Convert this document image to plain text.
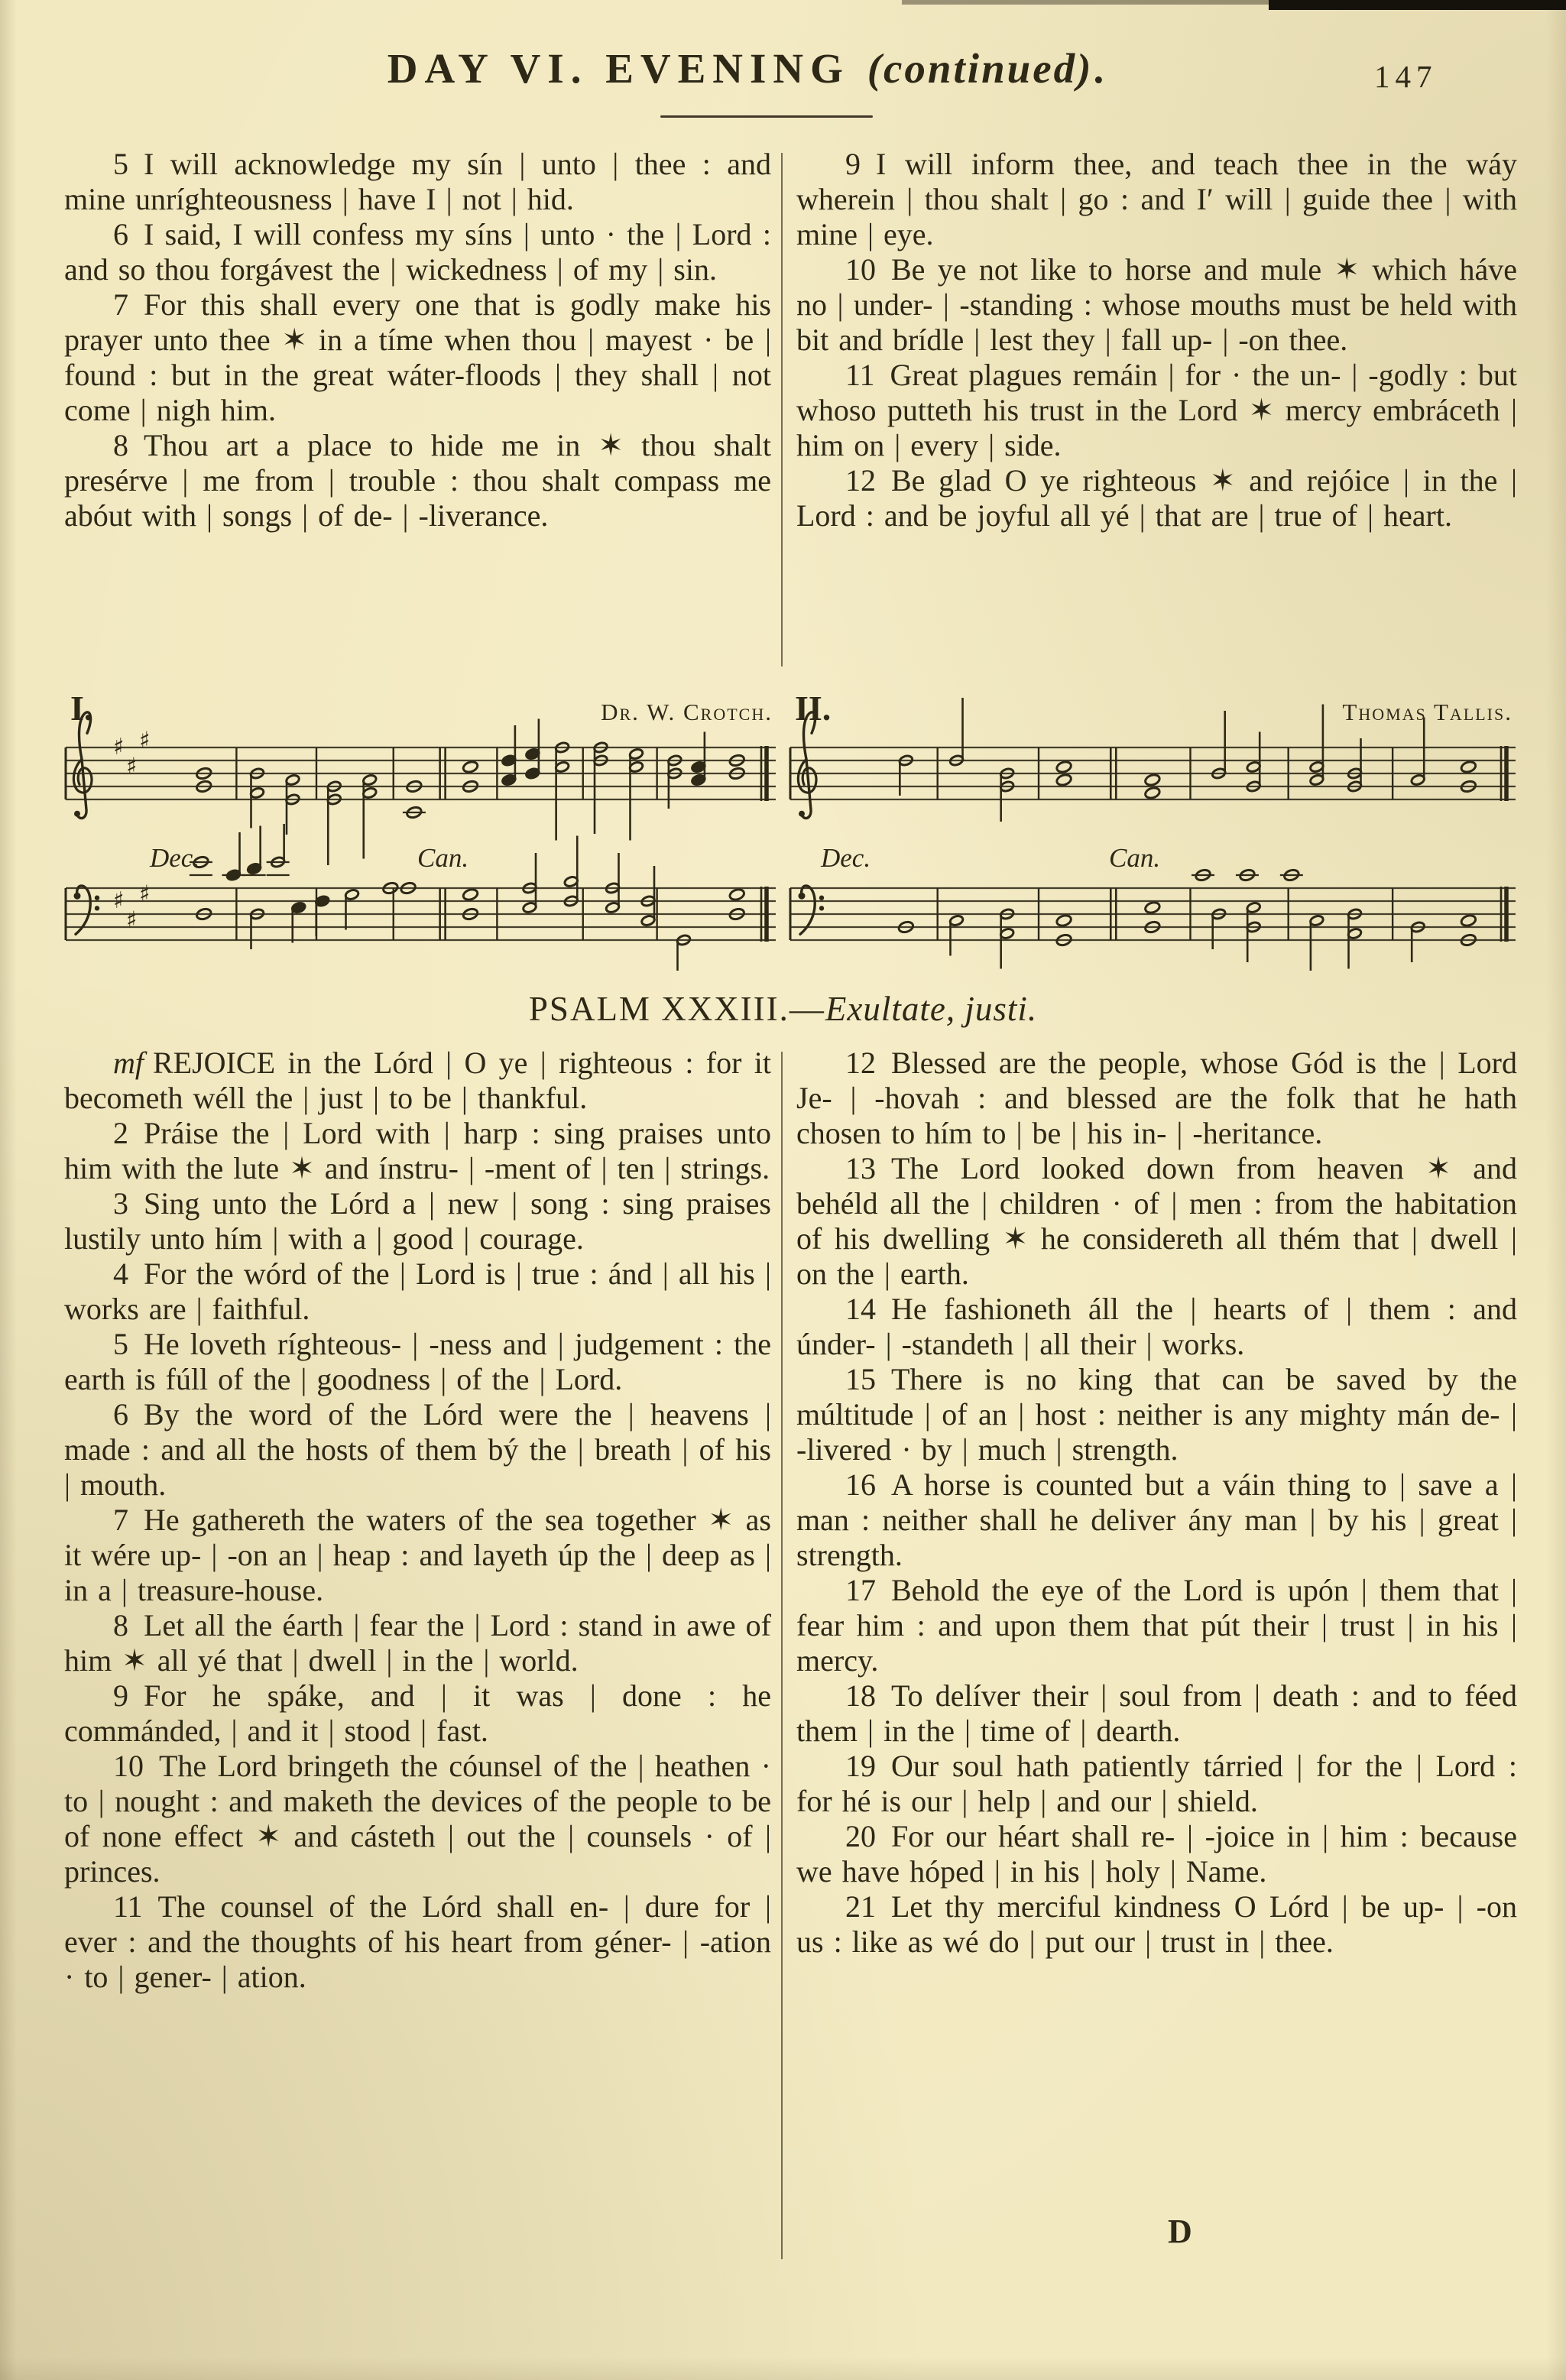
DAY VI. EVENING (continued).	147

5 I will acknowledge my sín | unto | thee : and mine unríghteousness | have I | not | hid.

6 I said, I will confess my síns | unto · the | Lord : and so thou forgávest the | wickedness | of my | sin.

7 For this shall every one that is godly make his prayer unto thee ✶ in a tíme when thou | mayest · be | found : but in the great wáter-floods | they shall | not come | nigh him.

8 Thou art a place to hide me in ✶ thou shalt presérve | me from | trouble : thou shalt compass me abóut with | songs | of de- | -liverance.

9 I will inform thee, and teach thee in the wáy wherein | thou shalt | go : and I′ will | guide thee | with mine | eye.

10 Be ye not like to horse and mule ✶ which háve no | under- | -standing : whose mouths must be held with bit and brídle | lest they | fall up- | -on thee.

11 Great plagues remáin | for · the un- | -godly : but whoso putteth his trust in the Lord ✶ mercy embráceth | him on | every | side.

12 Be glad O ye righteous ✶ and rejóice | in the | Lord : and be joyful all yé | that are | true of | heart.

I.	Dr. W. Crotch.
♯
♯
♯
Dec.	Can.
♯
♯
♯
II.	Thomas Tallis.
Dec.	Can.
PSALM XXXIII.—Exultate, justi.

mf REJOICE in the Lórd | O ye | righteous : for it becometh wéll the | just | to be | thankful.

2 Práise the | Lord with | harp : sing praises unto him with the lute ✶ and ínstru- | -ment of | ten | strings.

3 Sing unto the Lórd a | new | song : sing praises lustily unto hím | with a | good | courage.

4 For the wórd of the | Lord is | true : ánd | all his | works are | faithful.

5 He loveth ríghteous- | -ness and | judgement : the earth is fúll of the | goodness | of the | Lord.

6 By the word of the Lórd were the | heavens | made : and all the hosts of them bý the | breath | of his | mouth.

7 He gathereth the waters of the sea together ✶ as it wére up- | -on an | heap : and layeth úp the | deep as | in a | treasure-house.

8 Let all the éarth | fear the | Lord : stand in awe of him ✶ all yé that | dwell | in the | world.

9 For he spáke, and | it was | done : he commánded, | and it | stood | fast.

10 The Lord bringeth the cóunsel of the | heathen · to | nought : and maketh the devices of the people to be of none effect ✶ and cásteth | out the | counsels · of | princes.

11 The counsel of the Lórd shall en- | dure for | ever : and the thoughts of his heart from géner- | -ation · to | gener- | ation.

12 Blessed are the people, whose Gód is the | Lord Je- | -hovah : and blessed are the folk that he hath chosen to hím to | be | his in- | -heritance.

13 The Lord looked down from heaven ✶ and behéld all the | children · of | men : from the habitation of his dwelling ✶ he considereth all thém that | dwell | on the | earth.

14 He fashioneth áll the | hearts of | them : and únder- | -standeth | all their | works.

15 There is no king that can be saved by the múltitude | of an | host : neither is any mighty mán de- | -livered · by | much | strength.

16 A horse is counted but a váin thing to | save a | man : neither shall he deliver ány man | by his | great | strength.

17 Behold the eye of the Lord is upón | them that | fear him : and upon them that pút their | trust | in his | mercy.

18 To delíver their | soul from | death : and to féed them | in the | time of | dearth.

19 Our soul hath patiently tárried | for the | Lord : for hé is our | help | and our | shield.

20 For our héart shall re- | -joice in | him : because we have hóped | in his | holy | Name.

21 Let thy merciful kindness O Lórd | be up- | -on us : like as wé do | put our | trust in | thee.

D
